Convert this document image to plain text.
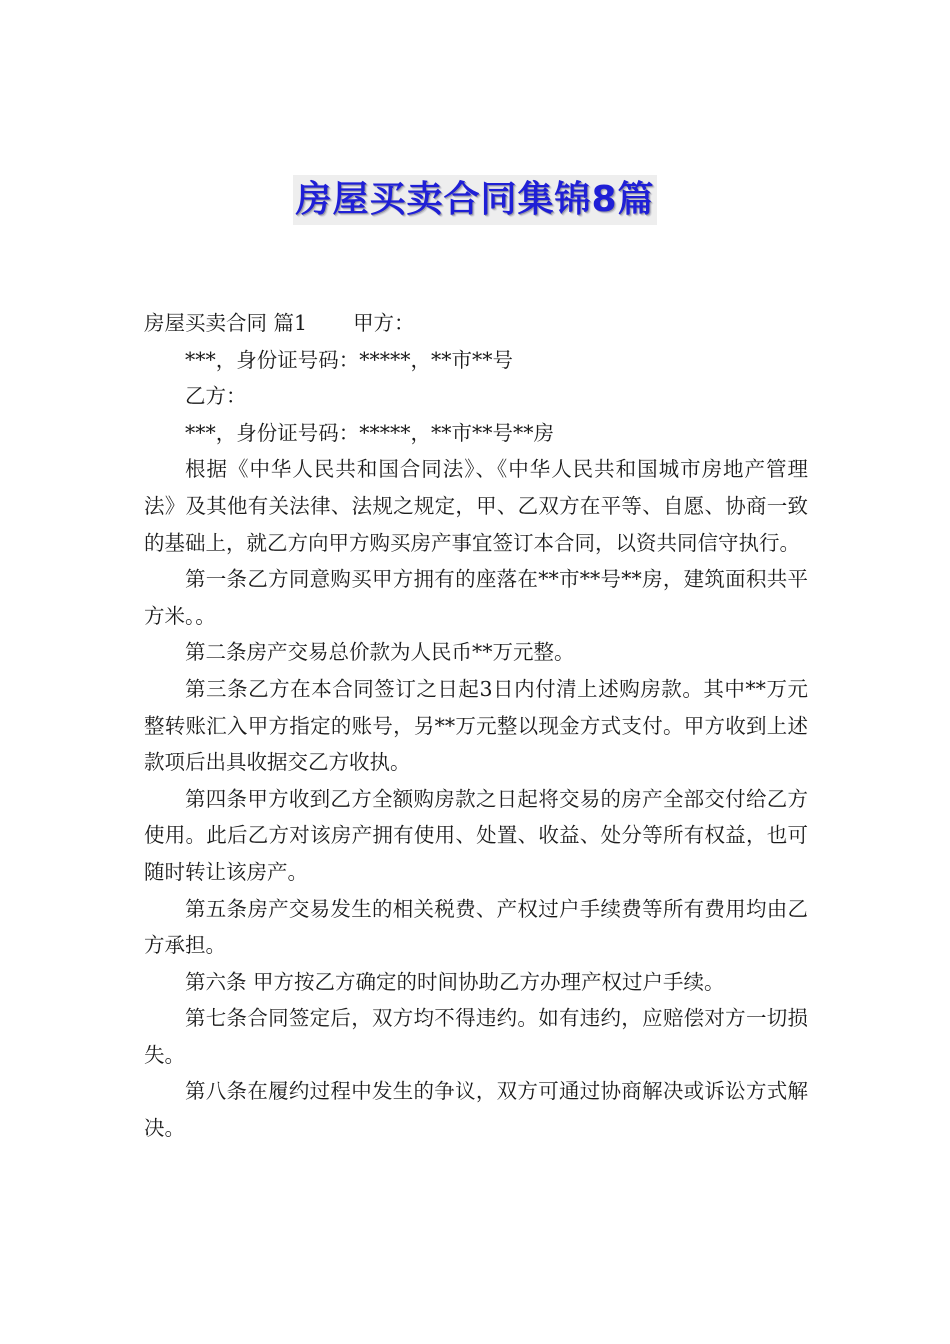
房屋买卖合同集锦8篇

房屋买卖合同 篇1 甲方：

***，身份证号码：*****，**市**号

乙方：

***，身份证号码：*****，**市**号**房

根据《中华人民共和国合同法》、《中华人民共和国城市房地产管理法》及其他有关法律、法规之规定，甲、乙双方在平等、自愿、协商一致的基础上，就乙方向甲方购买房产事宜签订本合同，以资共同信守执行。

第一条乙方同意购买甲方拥有的座落在**市**号**房，建筑面积共平方米。。

第二条房产交易总价款为人民币**万元整。

第三条乙方在本合同签订之日起3日内付清上述购房款。其中**万元整转账汇入甲方指定的账号，另**万元整以现金方式支付。甲方收到上述款项后出具收据交乙方收执。

第四条甲方收到乙方全额购房款之日起将交易的房产全部交付给乙方使用。此后乙方对该房产拥有使用、处置、收益、处分等所有权益，也可随时转让该房产。

第五条房产交易发生的相关税费、产权过户手续费等所有费用均由乙方承担。

第六条 甲方按乙方确定的时间协助乙方办理产权过户手续。

第七条合同签定后，双方均不得违约。如有违约，应赔偿对方一切损失。

第八条在履约过程中发生的争议，双方可通过协商解决或诉讼方式解决。
